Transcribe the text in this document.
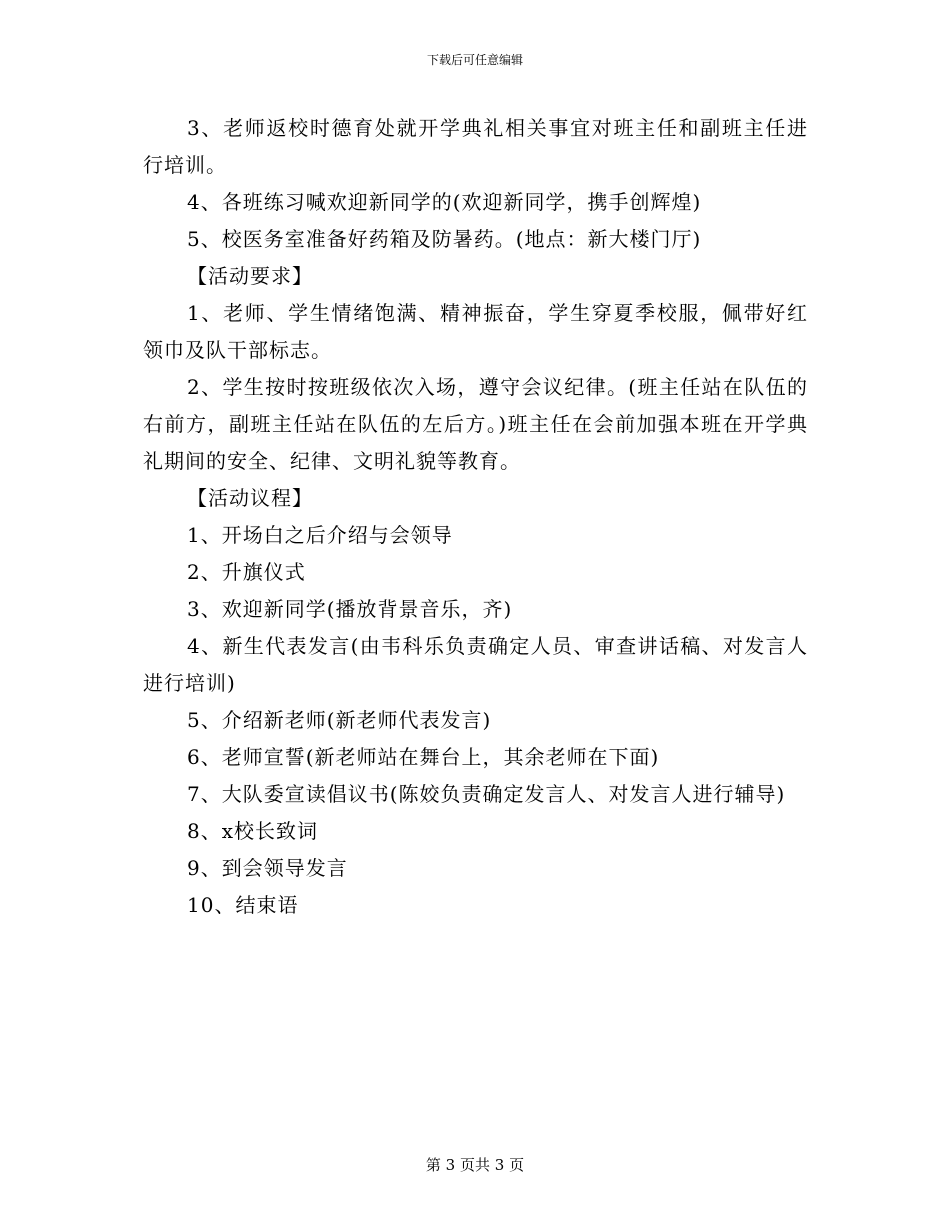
下载后可任意编辑

3、老师返校时德育处就开学典礼相关事宜对班主任和副班主任进行培训。

4、各班练习喊欢迎新同学的(欢迎新同学，携手创辉煌)

5、校医务室准备好药箱及防暑药。(地点：新大楼门厅)

【活动要求】

1、老师、学生情绪饱满、精神振奋，学生穿夏季校服，佩带好红领巾及队干部标志。

2、学生按时按班级依次入场，遵守会议纪律。(班主任站在队伍的右前方，副班主任站在队伍的左后方。)班主任在会前加强本班在开学典礼期间的安全、纪律、文明礼貌等教育。

【活动议程】

1、开场白之后介绍与会领导

2、升旗仪式

3、欢迎新同学(播放背景音乐，齐)

4、新生代表发言(由韦科乐负责确定人员、审查讲话稿、对发言人进行培训)

5、介绍新老师(新老师代表发言)

6、老师宣誓(新老师站在舞台上，其余老师在下面)

7、大队委宣读倡议书(陈姣负责确定发言人、对发言人进行辅导)

8、x校长致词

9、到会领导发言

10、结束语

第 3 页共 3 页
